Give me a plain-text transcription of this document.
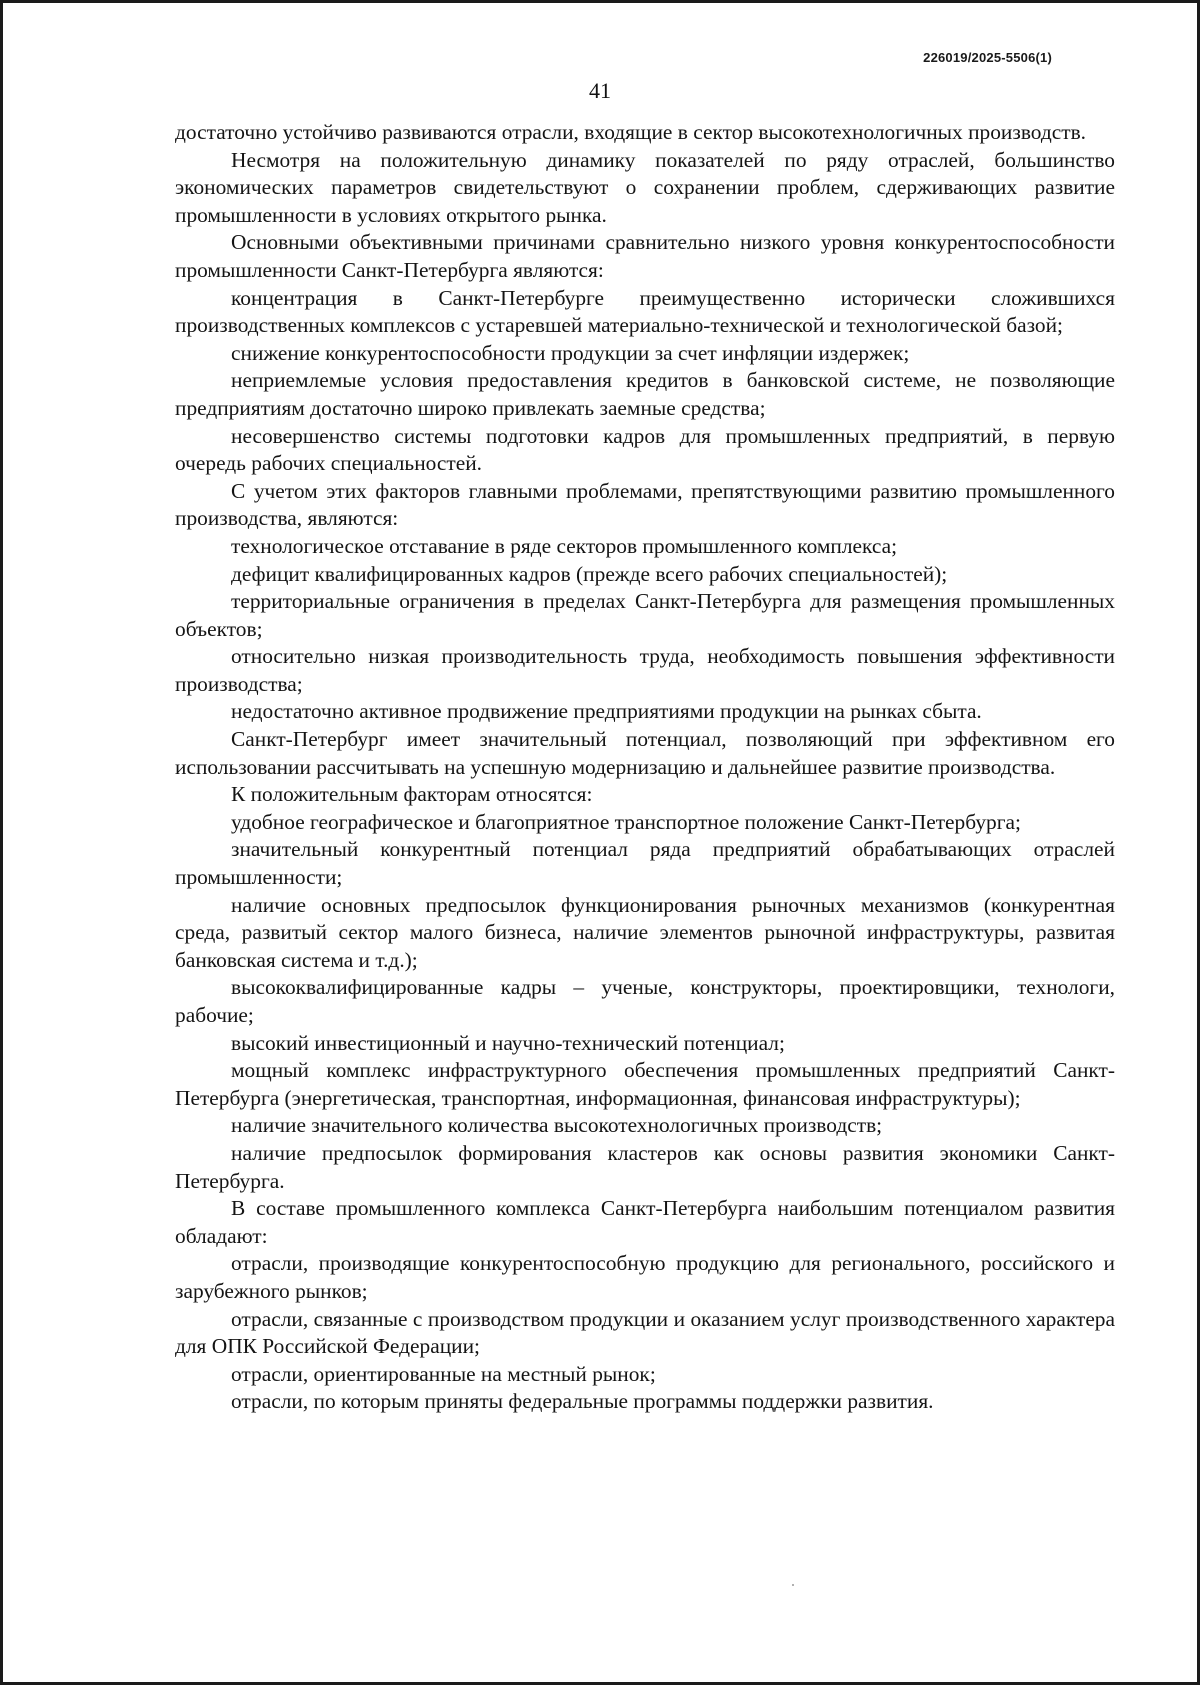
226019/2025-5506(1)
41

достаточно устойчиво развиваются отрасли, входящие в сектор высокотехнологичных производств.

Несмотря на положительную динамику показателей по ряду отраслей, большинство экономических параметров свидетельствуют о сохранении проблем, сдерживающих развитие промышленности в условиях открытого рынка.

Основными объективными причинами сравнительно низкого уровня конкурентоспособности промышленности Санкт-Петербурга являются:

концентрация в Санкт-Петербурге преимущественно исторически сложившихся производственных комплексов с устаревшей материально-технической и технологической базой;

снижение конкурентоспособности продукции за счет инфляции издержек;

неприемлемые условия предоставления кредитов в банковской системе, не позволяющие предприятиям достаточно широко привлекать заемные средства;

несовершенство системы подготовки кадров для промышленных предприятий, в первую очередь рабочих специальностей.

С учетом этих факторов главными проблемами, препятствующими развитию промышленного производства, являются:

технологическое отставание в ряде секторов промышленного комплекса;

дефицит квалифицированных кадров (прежде всего рабочих специальностей);

территориальные ограничения в пределах Санкт-Петербурга для размещения промышленных объектов;

относительно низкая производительность труда, необходимость повышения эффективности производства;

недостаточно активное продвижение предприятиями продукции на рынках сбыта.

Санкт-Петербург имеет значительный потенциал, позволяющий при эффективном его использовании рассчитывать на успешную модернизацию и дальнейшее развитие производства.

К положительным факторам относятся:

удобное географическое и благоприятное транспортное положение Санкт-Петербурга;

значительный конкурентный потенциал ряда предприятий обрабатывающих отраслей промышленности;

наличие основных предпосылок функционирования рыночных механизмов (конкурентная среда, развитый сектор малого бизнеса, наличие элементов рыночной инфраструктуры, развитая банковская система и т.д.);

высококвалифицированные кадры – ученые, конструкторы, проектировщики, технологи, рабочие;

высокий инвестиционный и научно-технический потенциал;

мощный комплекс инфраструктурного обеспечения промышленных предприятий Санкт-Петербурга (энергетическая, транспортная, информационная, финансовая инфраструктуры);

наличие значительного количества высокотехнологичных производств;

наличие предпосылок формирования кластеров как основы развития экономики Санкт-Петербурга.

В составе промышленного комплекса Санкт-Петербурга наибольшим потенциалом развития обладают:

отрасли, производящие конкурентоспособную продукцию для регионального, российского и зарубежного рынков;

отрасли, связанные с производством продукции и оказанием услуг производственного характера для ОПК Российской Федерации;

отрасли, ориентированные на местный рынок;

отрасли, по которым приняты федеральные программы поддержки развития.
